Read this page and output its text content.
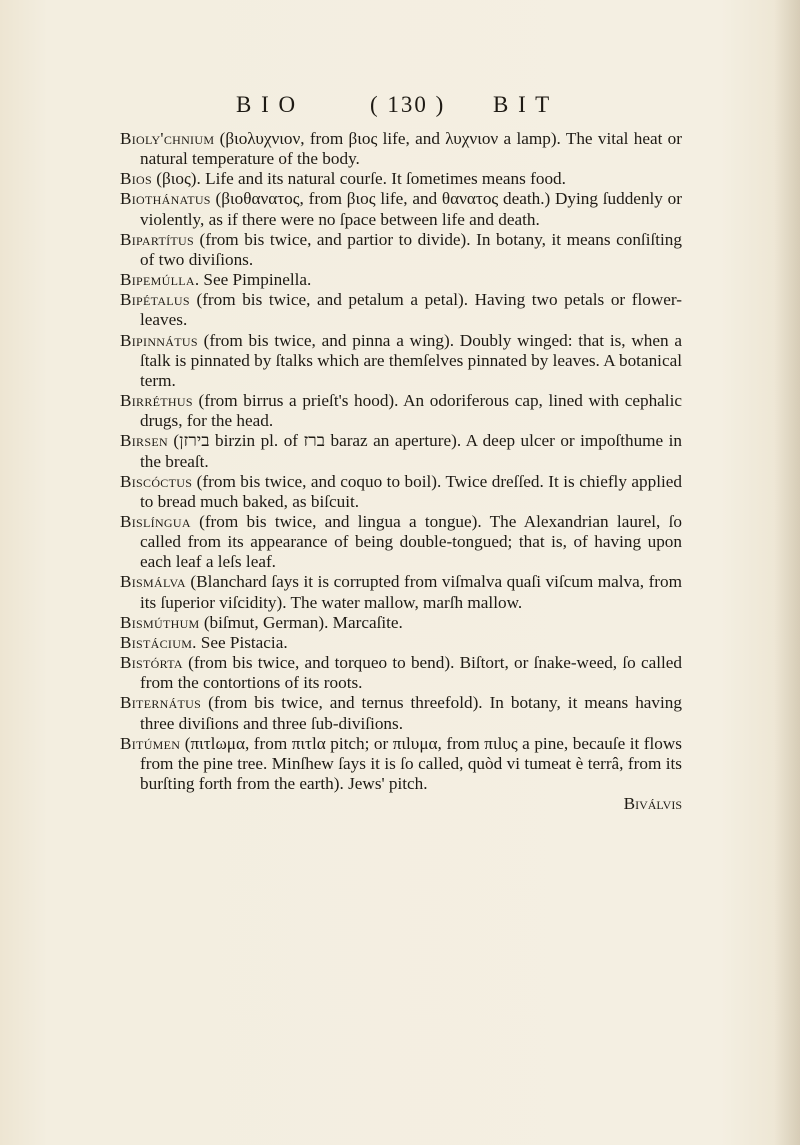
B I O	( 130 ) B I T

Bioly'chnium (βιολυχνιον, from βιος life, and λυχνιον a lamp). The vital heat or natural temperature of the body.

Bios (βιος). Life and its natural courſe. It ſometimes means food.

Biothánatus (βιοθανατος, from βιος life, and θανατος death.) Dying ſuddenly or violently, as if there were no ſpace between life and death.

Bipartítus (from bis twice, and partior to divide). In botany, it means conſiſting of two diviſions.

Bipemúlla. See Pimpinella.

Bipétalus (from bis twice, and petalum a petal). Having two petals or flower-leaves.

Bipinnátus (from bis twice, and pinna a wing). Doubly winged: that is, when a ſtalk is pinnated by ſtalks which are themſelves pinnated by leaves. A botanical term.

Birréthus (from birrus a prieſt's hood). An odoriferous cap, lined with cephalic drugs, for the head.

Birsen (בירזן birzin pl. of ברז baraz an aperture). A deep ulcer or impoſthume in the breaſt.

Biscóctus (from bis twice, and coquo to boil). Twice dreſſed. It is chiefly applied to bread much baked, as biſcuit.

Bislíngua (from bis twice, and lingua a tongue). The Alexandrian laurel, ſo called from its appearance of being double-tongued; that is, of having upon each leaf a leſs leaf.

Bismálva (Blanchard ſays it is corrupted from viſmalva quaſi viſcum malva, from its ſuperior viſcidity). The water mallow, marſh mallow.

Bismúthum (biſmut, German). Marcaſite.

Bistácium. See Pistacia.

Bistórta (from bis twice, and torqueo to bend). Biſtort, or ſnake-weed, ſo called from the contortions of its roots.

Biternátus (from bis twice, and ternus threefold). In botany, it means having three diviſions and three ſub-diviſions.

Bitúmen (πιτlωμα, from πιτlα pitch; or πιlυμα, from πιlυς a pine, becauſe it flows from the pine tree. Minſhew ſays it is ſo called, quòd vi tumeat è terrâ, from its burſting forth from the earth). Jews' pitch.

Biválvis
